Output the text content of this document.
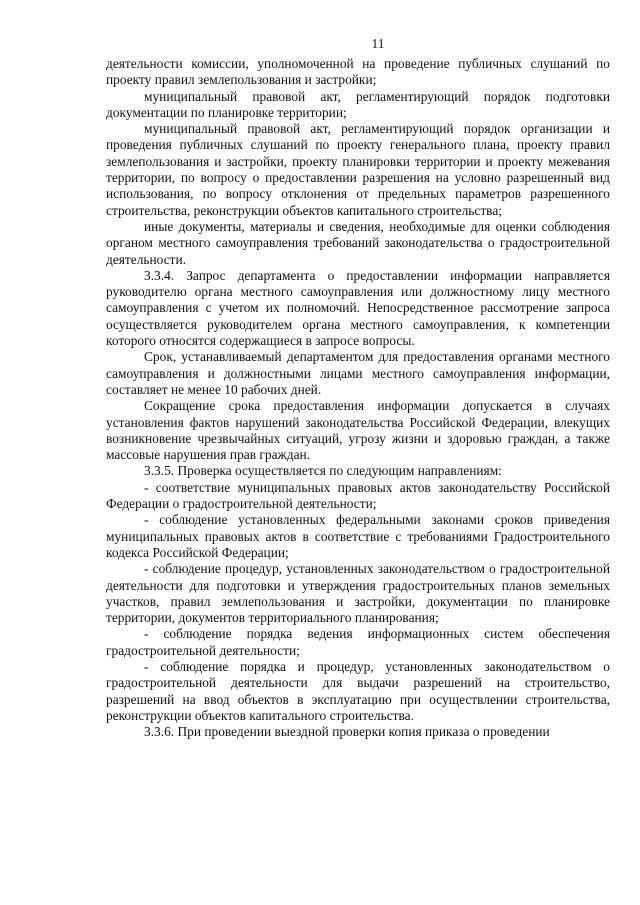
11

деятельности комиссии, уполномоченной на проведение публичных слушаний по проекту правил землепользования и застройки;

муниципальный правовой акт, регламентирующий порядок подготовки документации по планировке территории;

муниципальный правовой акт, регламентирующий порядок организации и проведения публичных слушаний по проекту генерального плана, проекту правил землепользования и застройки, проекту планировки территории и проекту межевания территории, по вопросу о предоставлении разрешения на условно разрешенный вид использования, по вопросу отклонения от предельных параметров разрешенного строительства, реконструкции объектов капитального строительства;

иные документы, материалы и сведения, необходимые для оценки соблюдения органом местного самоуправления требований законодательства о градостроительной деятельности.

3.3.4. Запрос департамента о предоставлении информации направляется руководителю органа местного самоуправления или должностному лицу местного самоуправления с учетом их полномочий. Непосредственное рассмотрение запроса осуществляется руководителем органа местного самоуправления, к компетенции которого относятся содержащиеся в запросе вопросы.

Срок, устанавливаемый департаментом для предоставления органами местного самоуправления и должностными лицами местного самоуправления информации, составляет не менее 10 рабочих дней.

Сокращение срока предоставления информации допускается в случаях установления фактов нарушений законодательства Российской Федерации, влекущих возникновение чрезвычайных ситуаций, угрозу жизни и здоровью граждан, а также массовые нарушения прав граждан.

3.3.5. Проверка осуществляется по следующим направлениям:

- соответствие муниципальных правовых актов законодательству Российской Федерации о градостроительной деятельности;

- соблюдение установленных федеральными законами сроков приведения муниципальных правовых актов в соответствие с требованиями Градостроительного кодекса Российской Федерации;

- соблюдение процедур, установленных законодательством о градостроительной деятельности для подготовки и утверждения градостроительных планов земельных участков, правил землепользования и застройки, документации по планировке территории, документов территориального планирования;

- соблюдение порядка ведения информационных систем обеспечения градостроительной деятельности;

- соблюдение порядка и процедур, установленных законодательством о градостроительной деятельности для выдачи разрешений на строительство, разрешений на ввод объектов в эксплуатацию при осуществлении строительства, реконструкции объектов капитального строительства.

3.3.6. При проведении выездной проверки копия приказа о проведении
